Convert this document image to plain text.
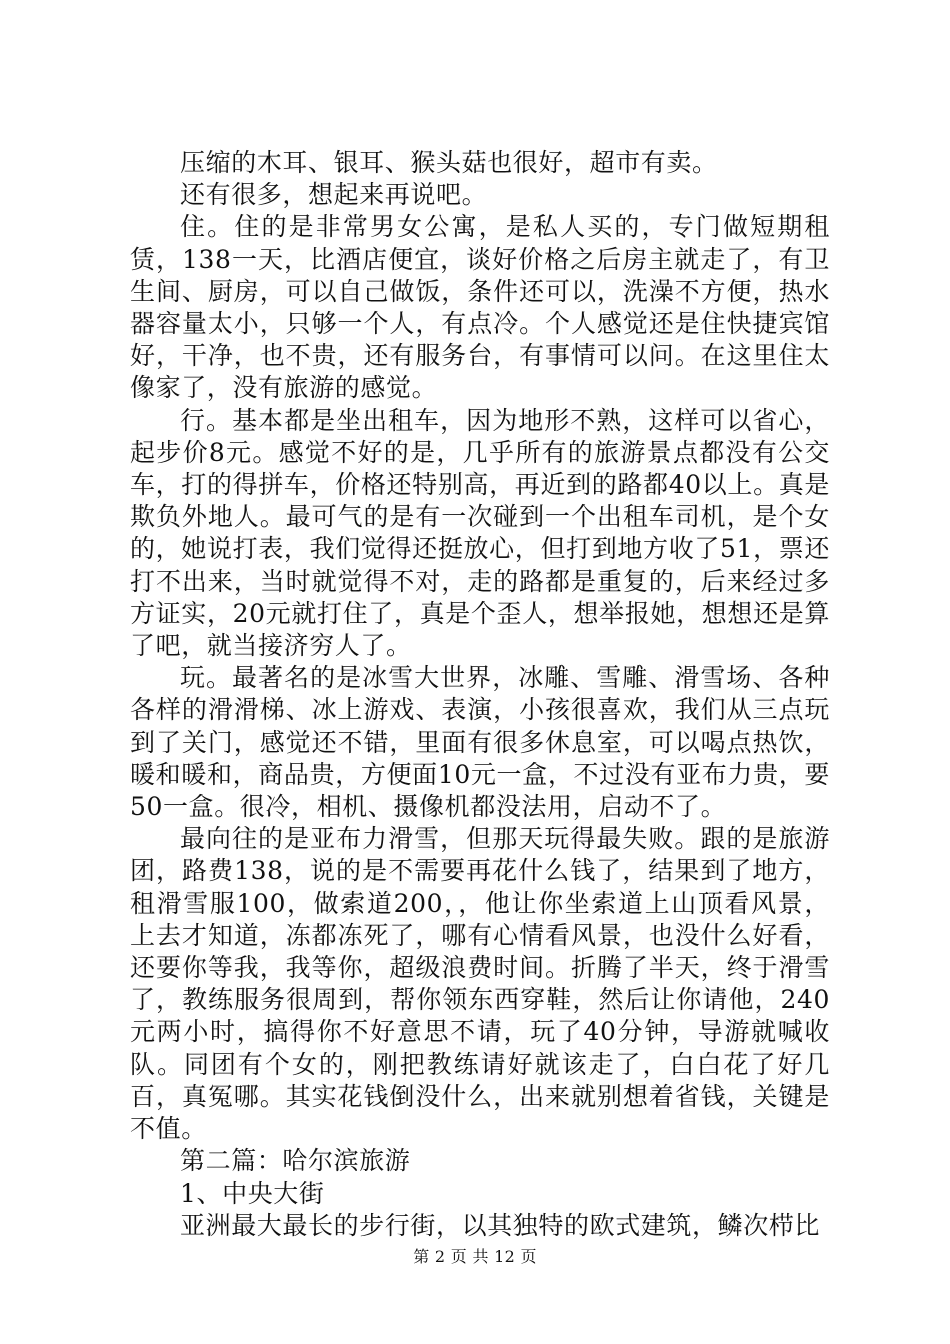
压缩的木耳、银耳、猴头菇也很好，超市有卖。

还有很多，想起来再说吧。

住。住的是非常男女公寓，是私人买的，专门做短期租赁，138一天，比酒店便宜，谈好价格之后房主就走了，有卫生间、厨房，可以自己做饭，条件还可以，洗澡不方便，热水器容量太小，只够一个人，有点冷。个人感觉还是住快捷宾馆好，干净，也不贵，还有服务台，有事情可以问。在这里住太像家了，没有旅游的感觉。

行。基本都是坐出租车，因为地形不熟，这样可以省心，起步价8元。感觉不好的是，几乎所有的旅游景点都没有公交车，打的得拼车，价格还特别高，再近到的路都40以上。真是欺负外地人。最可气的是有一次碰到一个出租车司机，是个女的，她说打表，我们觉得还挺放心，但打到地方收了51，票还打不出来，当时就觉得不对，走的路都是重复的，后来经过多方证实，20元就打住了，真是个歪人，想举报她，想想还是算了吧，就当接济穷人了。

玩。最著名的是冰雪大世界，冰雕、雪雕、滑雪场、各种各样的滑滑梯、冰上游戏、表演，小孩很喜欢，我们从三点玩到了关门，感觉还不错，里面有很多休息室，可以喝点热饮，暖和暖和，商品贵，方便面10元一盒，不过没有亚布力贵，要50一盒。很冷，相机、摄像机都没法用，启动不了。

最向往的是亚布力滑雪，但那天玩得最失败。跟的是旅游团，路费138，说的是不需要再花什么钱了，结果到了地方，租滑雪服100，做索道200，，他让你坐索道上山顶看风景，上去才知道，冻都冻死了，哪有心情看风景，也没什么好看，还要你等我，我等你，超级浪费时间。折腾了半天，终于滑雪了，教练服务很周到，帮你领东西穿鞋，然后让你请他，240元两小时，搞得你不好意思不请，玩了40分钟，导游就喊收队。同团有个女的，刚把教练请好就该走了，白白花了好几百，真冤哪。其实花钱倒没什么，出来就别想着省钱，关键是不值。

第二篇：哈尔滨旅游

1、中央大街

亚洲最大最长的步行街，以其独特的欧式建筑，鳞次栉比

第 2 页 共 12 页
